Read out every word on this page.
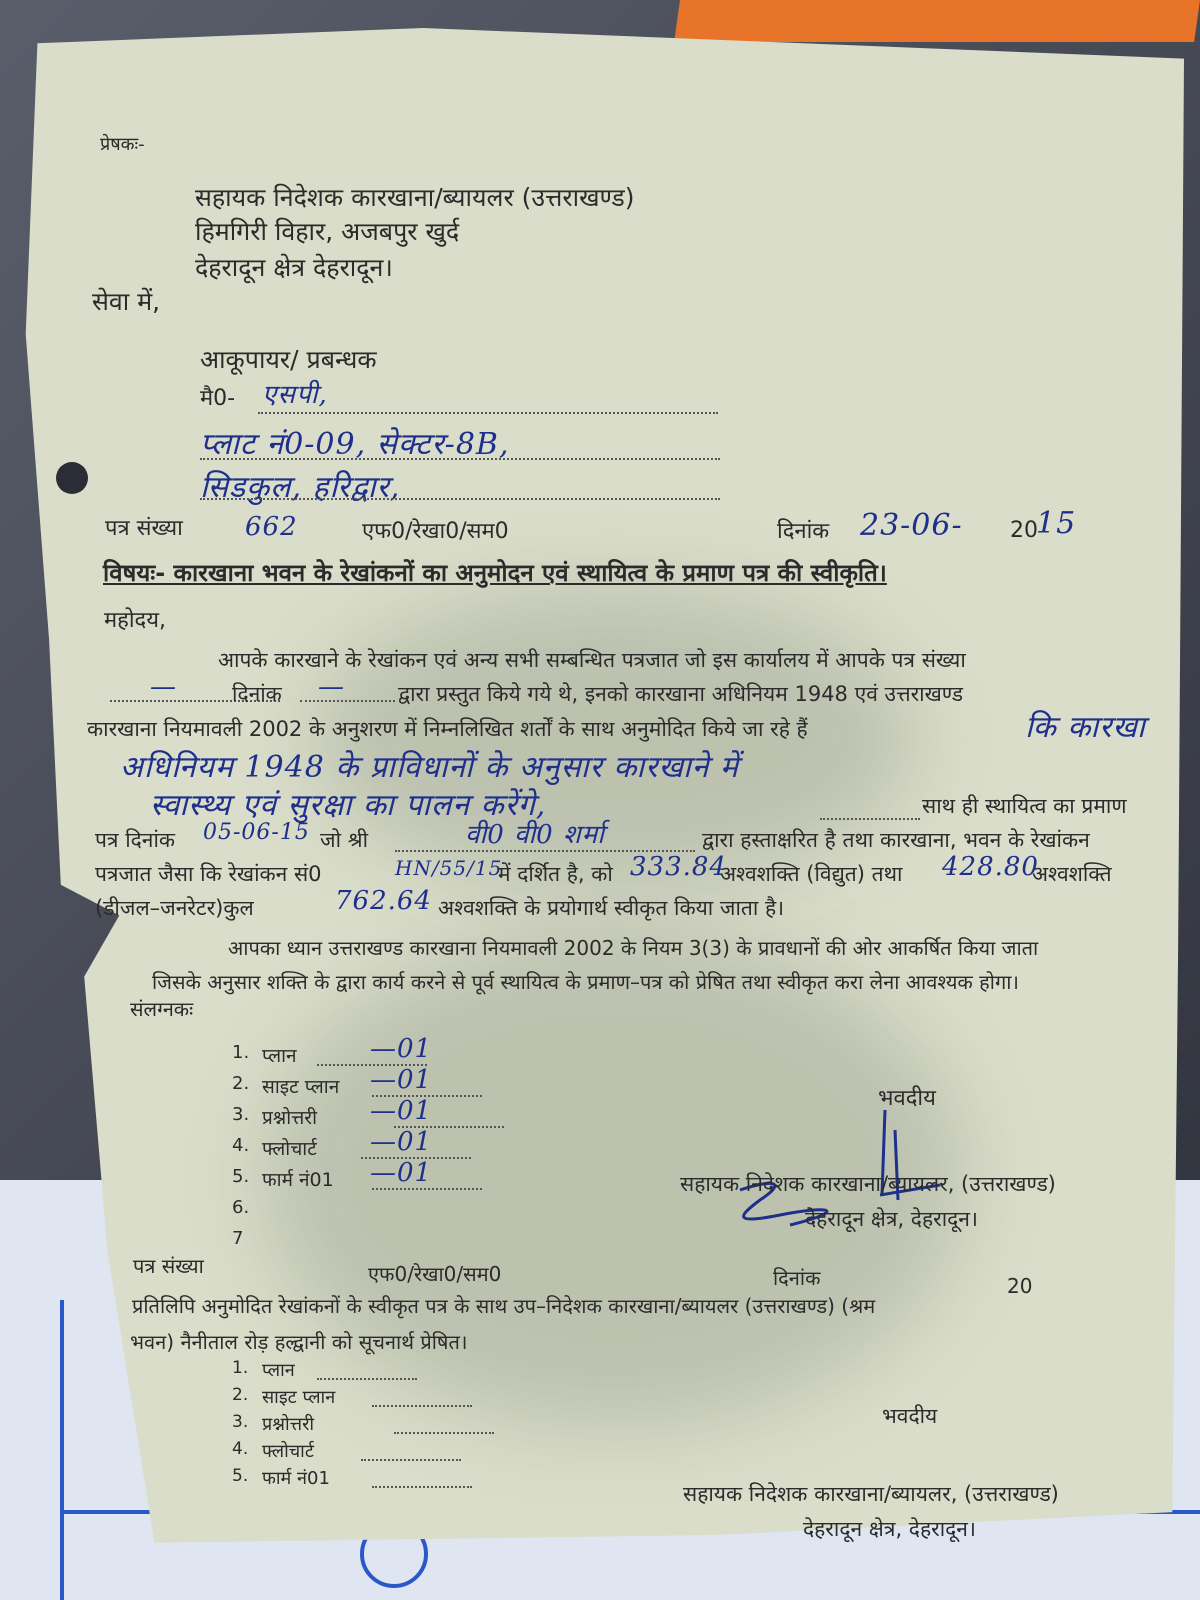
प्रेषकः-
सहायक निदेशक कारखाना/ब्यायलर (उत्तराखण्ड)
हिमगिरी विहार, अजबपुर खुर्द
देहरादून क्षेत्र देहरादून।
सेवा में,
आकूपायर/ प्रबन्धक
मै0- एसपी,
प्लाट नं0-09, सेक्टर-8B,
सिडकुल, हरिद्वार,
पत्र संख्या 662	एफ0/रेखा0/सम0	दिनांक 23-06- 20
15
विषयः- कारखाना भवन के रेखांकनों का अनुमोदन एवं स्थायित्व के प्रमाण पत्र की स्वीकृति।
महोदय,
आपके कारखाने के रेखांकन एवं अन्य सभी सम्बन्धित पत्रजात जो इस कार्यालय में आपके पत्र संख्या
—	दिनांक —	द्वारा प्रस्तुत किये गये थे, इनको कारखाना अधिनियम 1948 एवं उत्तराखण्ड
कारखाना नियमावली 2002 के अनुशरण में निम्नलिखित शर्तों के साथ अनुमोदित किये जा रहे हैं	कि कारखा
अधिनियम 1948 के प्राविधानों के अनुसार कारखाने में
स्वास्थ्य एवं सुरक्षा का पालन करेंगे,	साथ ही स्थायित्व का प्रमाण
पत्र दिनांक 05-06-15 जो श्री	वी0 वी0 शर्मा	द्वारा हस्ताक्षरित है तथा कारखाना, भवन के रेखांकन
पत्रजात जैसा कि रेखांकन सं0	HN/55/15
में दर्शित है, को 333.84
अश्वशक्ति (विद्युत) तथा 428.80
अश्वशक्ति
(डीजल–जनरेटर)कुल	762.64 अश्वशक्ति के प्रयोगार्थ स्वीकृत किया जाता है।
आपका ध्यान उत्तराखण्ड कारखाना नियमावली 2002 के नियम 3(3) के प्रावधानों की ओर आकर्षित किया जाता
जिसके अनुसार शक्ति के द्वारा कार्य करने से पूर्व स्थायित्व के प्रमाण–पत्र को प्रेषित तथा स्वीकृत करा लेना आवश्यक होगा।
संलग्नकः
भवदीय
सहायक निदेशक कारखाना/ब्यायलर, (उत्तराखण्ड)
देहरादून क्षेत्र, देहरादून।
पत्र संख्या	एफ0/रेखा0/सम0	दिनांक	20
प्रतिलिपि अनुमोदित रेखांकनों के स्वीकृत पत्र के साथ उप–निदेशक कारखाना/ब्यायलर (उत्तराखण्ड) (श्रम
भवन) नैनीताल रोड़ हल्द्वानी को सूचनार्थ प्रेषित।
भवदीय
सहायक निदेशक कारखाना/ब्यायलर, (उत्तराखण्ड)
देहरादून क्षेत्र, देहरादून।
1. प्लान	—01
2. साइट प्लान —01
3. प्रश्नोत्तरी —01
4. फ्लोचार्ट —01
5. फार्म नं01 —01
6.
7
1. प्लान
2. साइट प्लान
3. प्रश्नोत्तरी
4. फ्लोचार्ट
5. फार्म नं01
